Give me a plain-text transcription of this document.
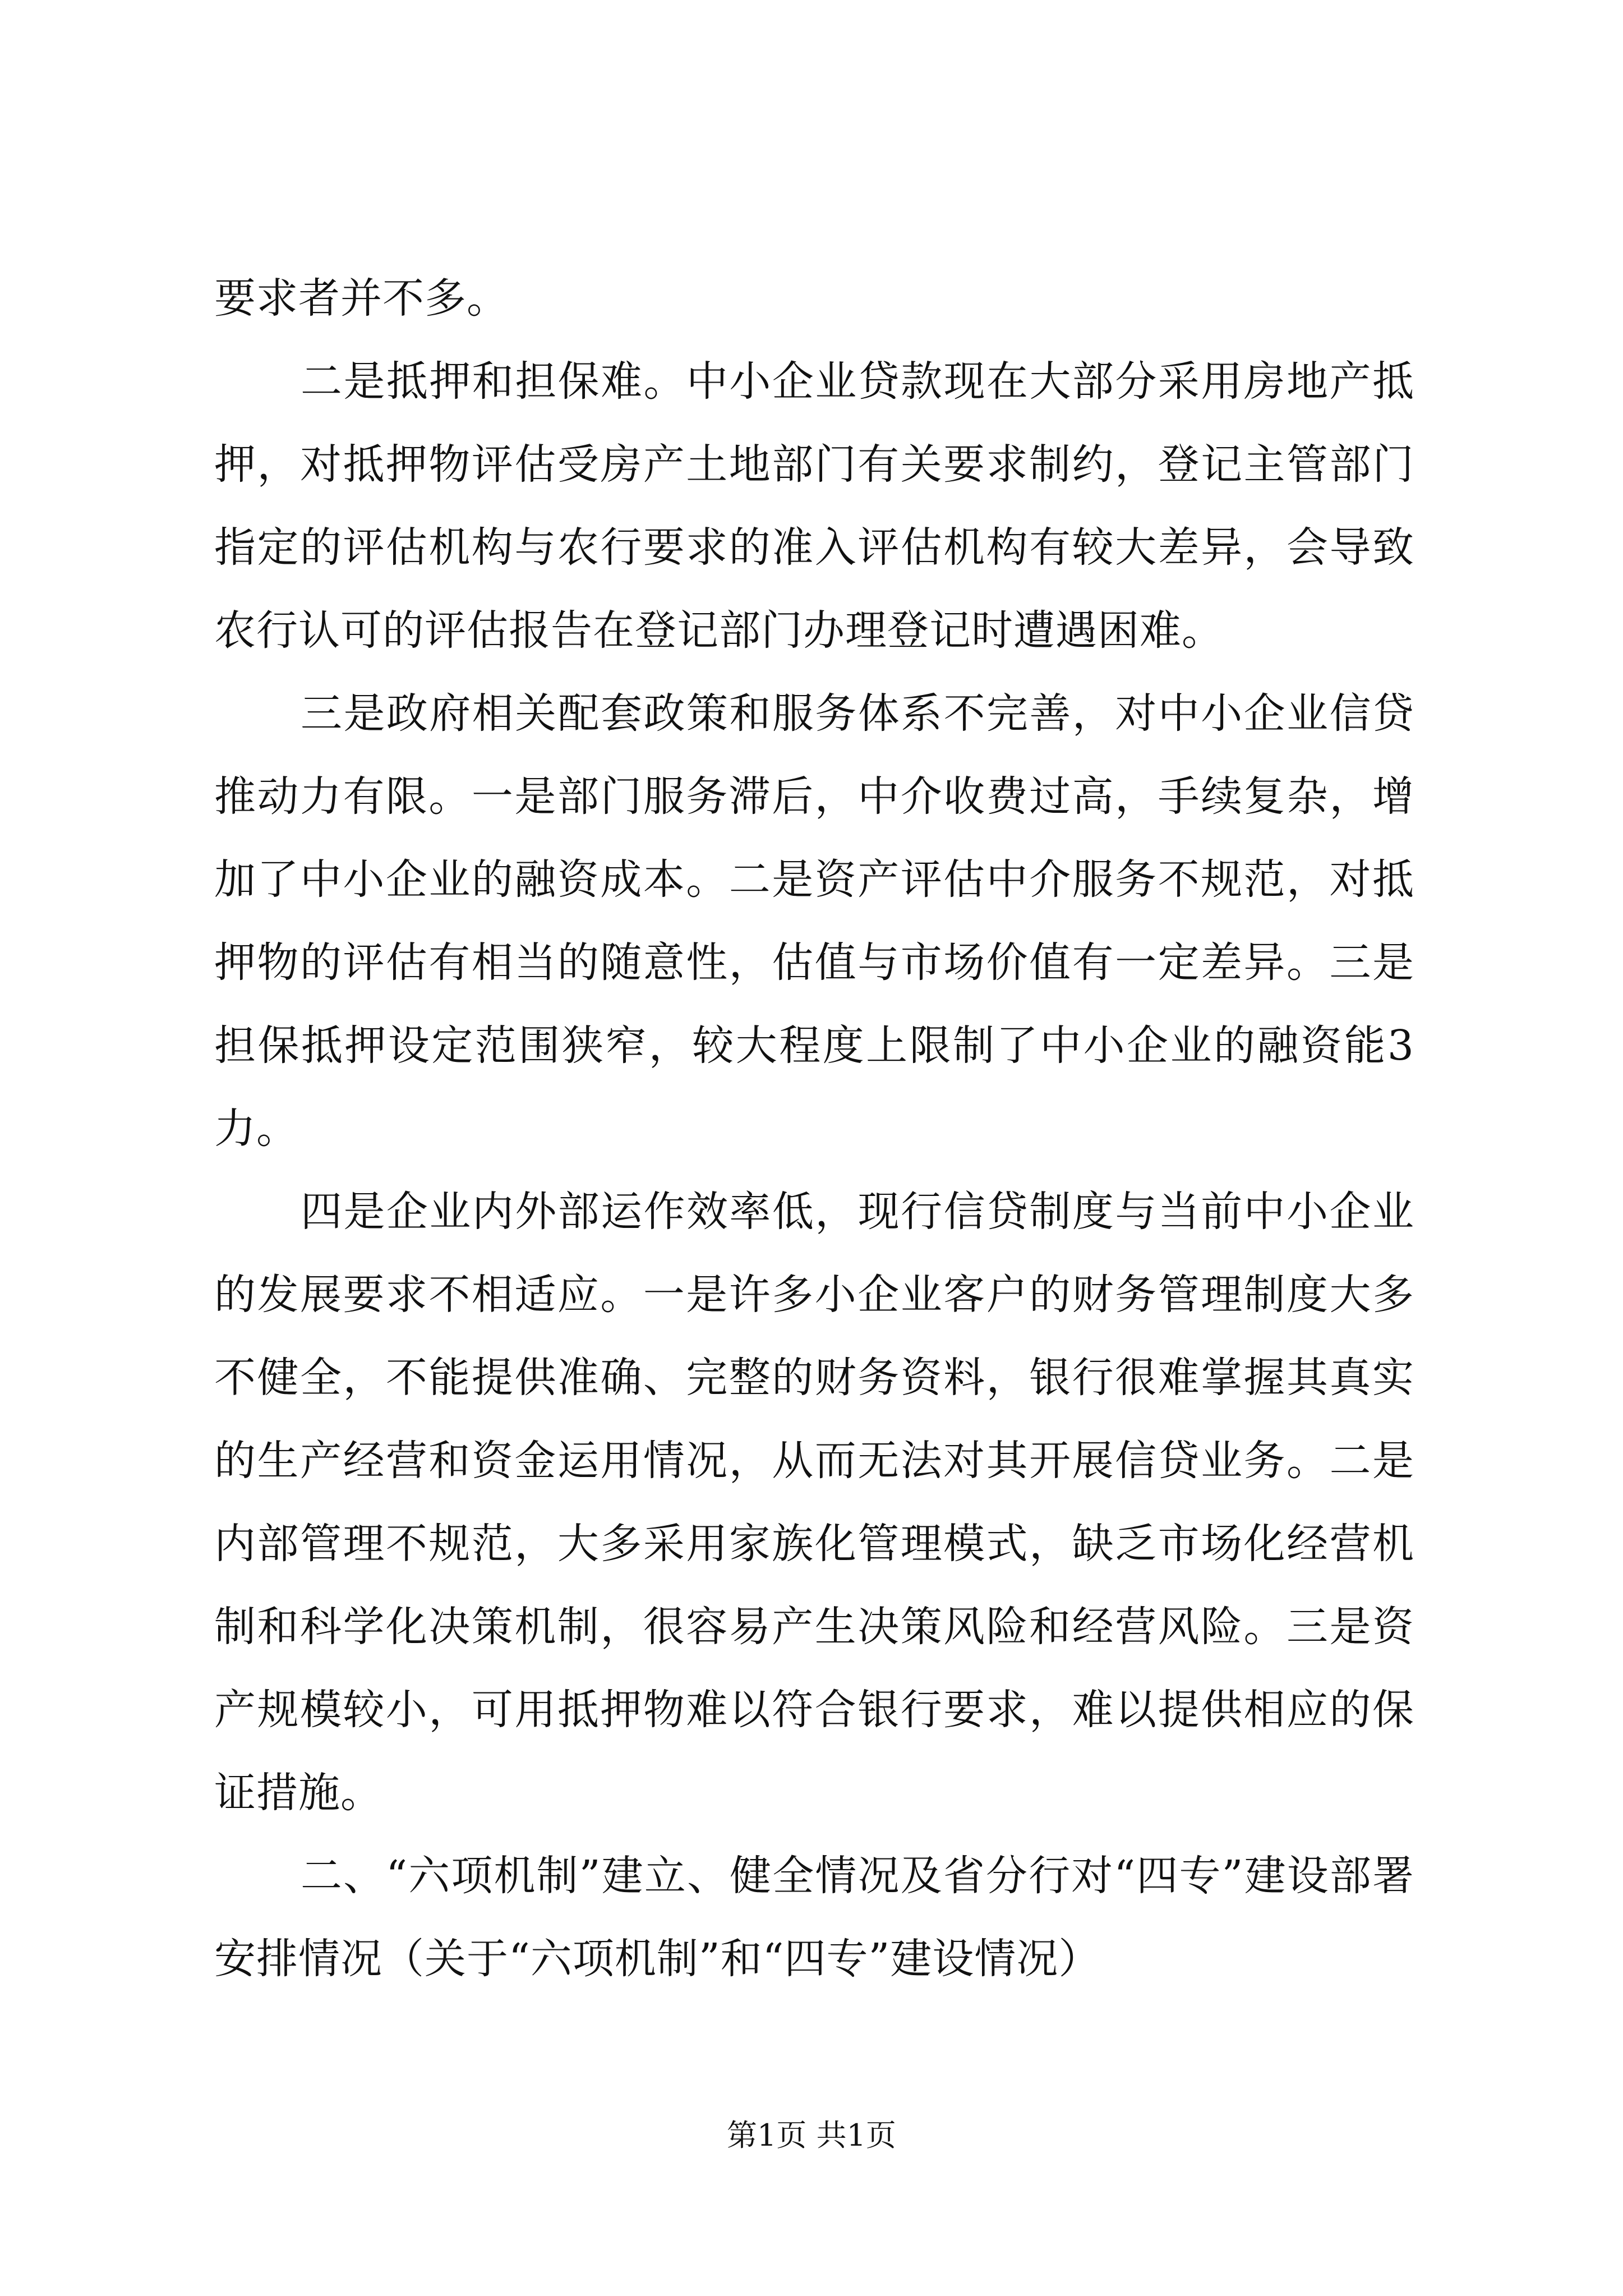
要求者并不多。

二是抵押和担保难。中小企业贷款现在大部分采用房地产抵押，对抵押物评估受房产土地部门有关要求制约，登记主管部门指定的评估机构与农行要求的准入评估机构有较大差异，会导致农行认可的评估报告在登记部门办理登记时遭遇困难。

三是政府相关配套政策和服务体系不完善，对中小企业信贷推动力有限。一是部门服务滞后，中介收费过高，手续复杂，增加了中小企业的融资成本。二是资产评估中介服务不规范，对抵押物的评估有相当的随意性，估值与市场价值有一定差异。三是担保抵押设定范围狭窄，较大程度上限制了中小企业的融资能3力。

四是企业内外部运作效率低，现行信贷制度与当前中小企业的发展要求不相适应。一是许多小企业客户的财务管理制度大多不健全，不能提供准确、完整的财务资料，银行很难掌握其真实的生产经营和资金运用情况，从而无法对其开展信贷业务。二是内部管理不规范，大多采用家族化管理模式，缺乏市场化经营机制和科学化决策机制，很容易产生决策风险和经营风险。三是资产规模较小，可用抵押物难以符合银行要求，难以提供相应的保证措施。

二、“六项机制”建立、健全情况及省分行对“四专”建设部署安排情况（关于“六项机制”和“四专”建设情况）

第1页 共1页
